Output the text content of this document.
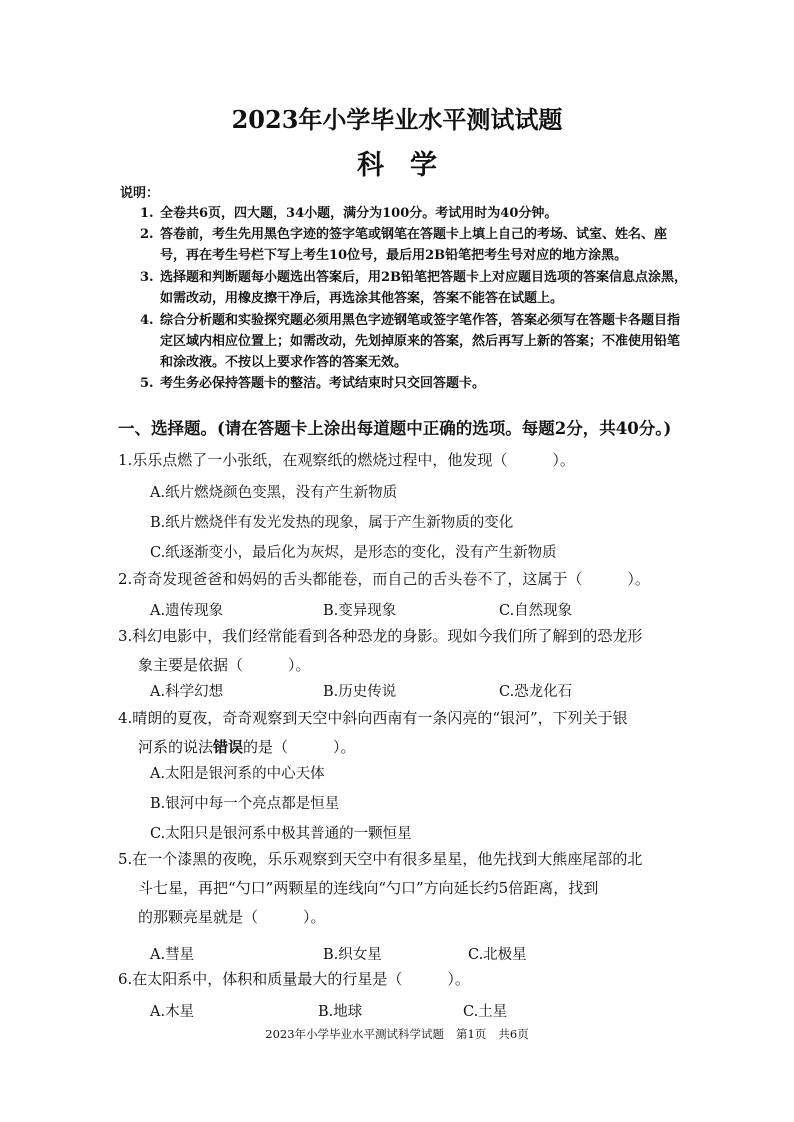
2023年小学毕业水平测试试题
科学
说明：
1. 全卷共6页，四大题，34小题，满分为100分。考试用时为40分钟。
2. 答卷前，考生先用黑色字迹的签字笔或钢笔在答题卡上填上自己的考场、试室、姓名、座号，再在考生号栏下写上考生10位号，最后用2B铅笔把考生号对应的地方涂黑。
3. 选择题和判断题每小题选出答案后，用2B铅笔把答题卡上对应题目选项的答案信息点涂黑，如需改动，用橡皮擦干净后，再选涂其他答案，答案不能答在试题上。
4. 综合分析题和实验探究题必须用黑色字迹钢笔或签字笔作答，答案必须写在答题卡各题目指定区域内相应位置上；如需改动，先划掉原来的答案，然后再写上新的答案；不准使用铅笔和涂改液。不按以上要求作答的答案无效。
5. 考生务必保持答题卡的整洁。考试结束时只交回答题卡。
一、选择题。(请在答题卡上涂出每道题中正确的选项。每题2分，共40分。)
1.乐乐点燃了一小张纸，在观察纸的燃烧过程中，他发现（　　　）。
A.纸片燃烧颜色变黑，没有产生新物质
B.纸片燃烧伴有发光发热的现象，属于产生新物质的变化
C.纸逐渐变小，最后化为灰烬，是形态的变化，没有产生新物质
2.奇奇发现爸爸和妈妈的舌头都能卷，而自己的舌头卷不了，这属于（　　　）。
A.遗传现象	B.变异现象	C.自然现象
3.科幻电影中，我们经常能看到各种恐龙的身影。现如今我们所了解到的恐龙形
象主要是依据（　　　）。
A.科学幻想	B.历史传说	C.恐龙化石
4.晴朗的夏夜，奇奇观察到天空中斜向西南有一条闪亮的“银河”，下列关于银
河系的说法错误的是（　　　）。
A.太阳是银河系的中心天体
B.银河中每一个亮点都是恒星
C.太阳只是银河系中极其普通的一颗恒星
5.在一个漆黑的夜晚，乐乐观察到天空中有很多星星，他先找到大熊座尾部的北
斗七星，再把“勺口”两颗星的连线向“勺口”方向延长约5倍距离，找到
的那颗亮星就是（　　　）。
A.彗星	B.织女星	C.北极星
6.在太阳系中，体积和质量最大的行星是（　　　）。
A.木星	B.地球	C.土星
2023年小学毕业水平测试科学试题 第1页 共6页
